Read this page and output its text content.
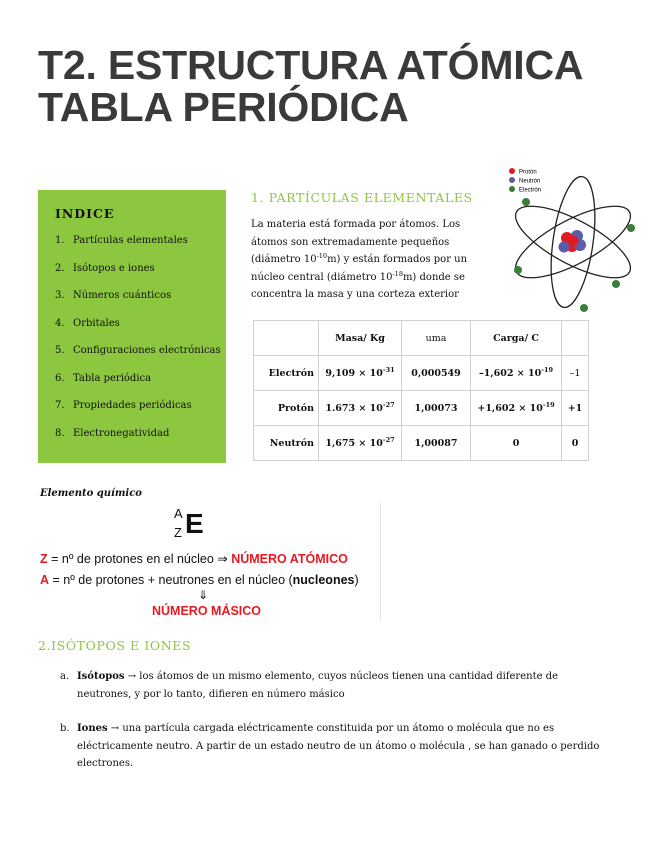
T2. ESTRUCTURA ATÓMICA
TABLA PERIÓDICA
INDICE
1. Partículas elementales
2. Isótopos e iones
3. Números cuánticos
4. Orbitales
5. Configuraciones electrónicas
6. Tabla periódica
7. Propiedades periódicas
8. Electronegatividad
1. PARTÍCULAS ELEMENTALES
La materia está formada por átomos. Los átomos son extremadamente pequeños (diámetro $10^{-10}m$) y están formados por un núcleo central (diámetro $10^{-18}m$) donde se concentra la masa y una corteza exterior
Protón
Neutrón
Electrón
	Masa/ Kg	uma	Carga/ C	
Electrón	$9,109 \times 10^{-31}$	0,000549	$-1,602 \times 10^{-19}$	–1
Protón	$1.673 \times 10^{-27}$	1,00073	$+1,602 \times 10^{-19}$	+1
Neutrón	$1,675 \times 10^{-27}$	1,00087	0	0
Elemento químico
A
Z E
Z = nº de protones en el núcleo ⇒ NÚMERO ATÓMICO
A = nº de protones + neutrones en el núcleo (nucleones)
⇓
NÚMERO MÁSICO
2.ISÓTOPOS E IONES
a. Isótopos → los átomos de un mismo elemento, cuyos núcleos tienen una cantidad diferente de neutrones, y por lo tanto, difieren en número másico
b. Iones → una partícula cargada eléctricamente constituida por un átomo o molécula que no es eléctricamente neutro. A partir de un estado neutro de un átomo o molécula , se han ganado o perdido electrones.
